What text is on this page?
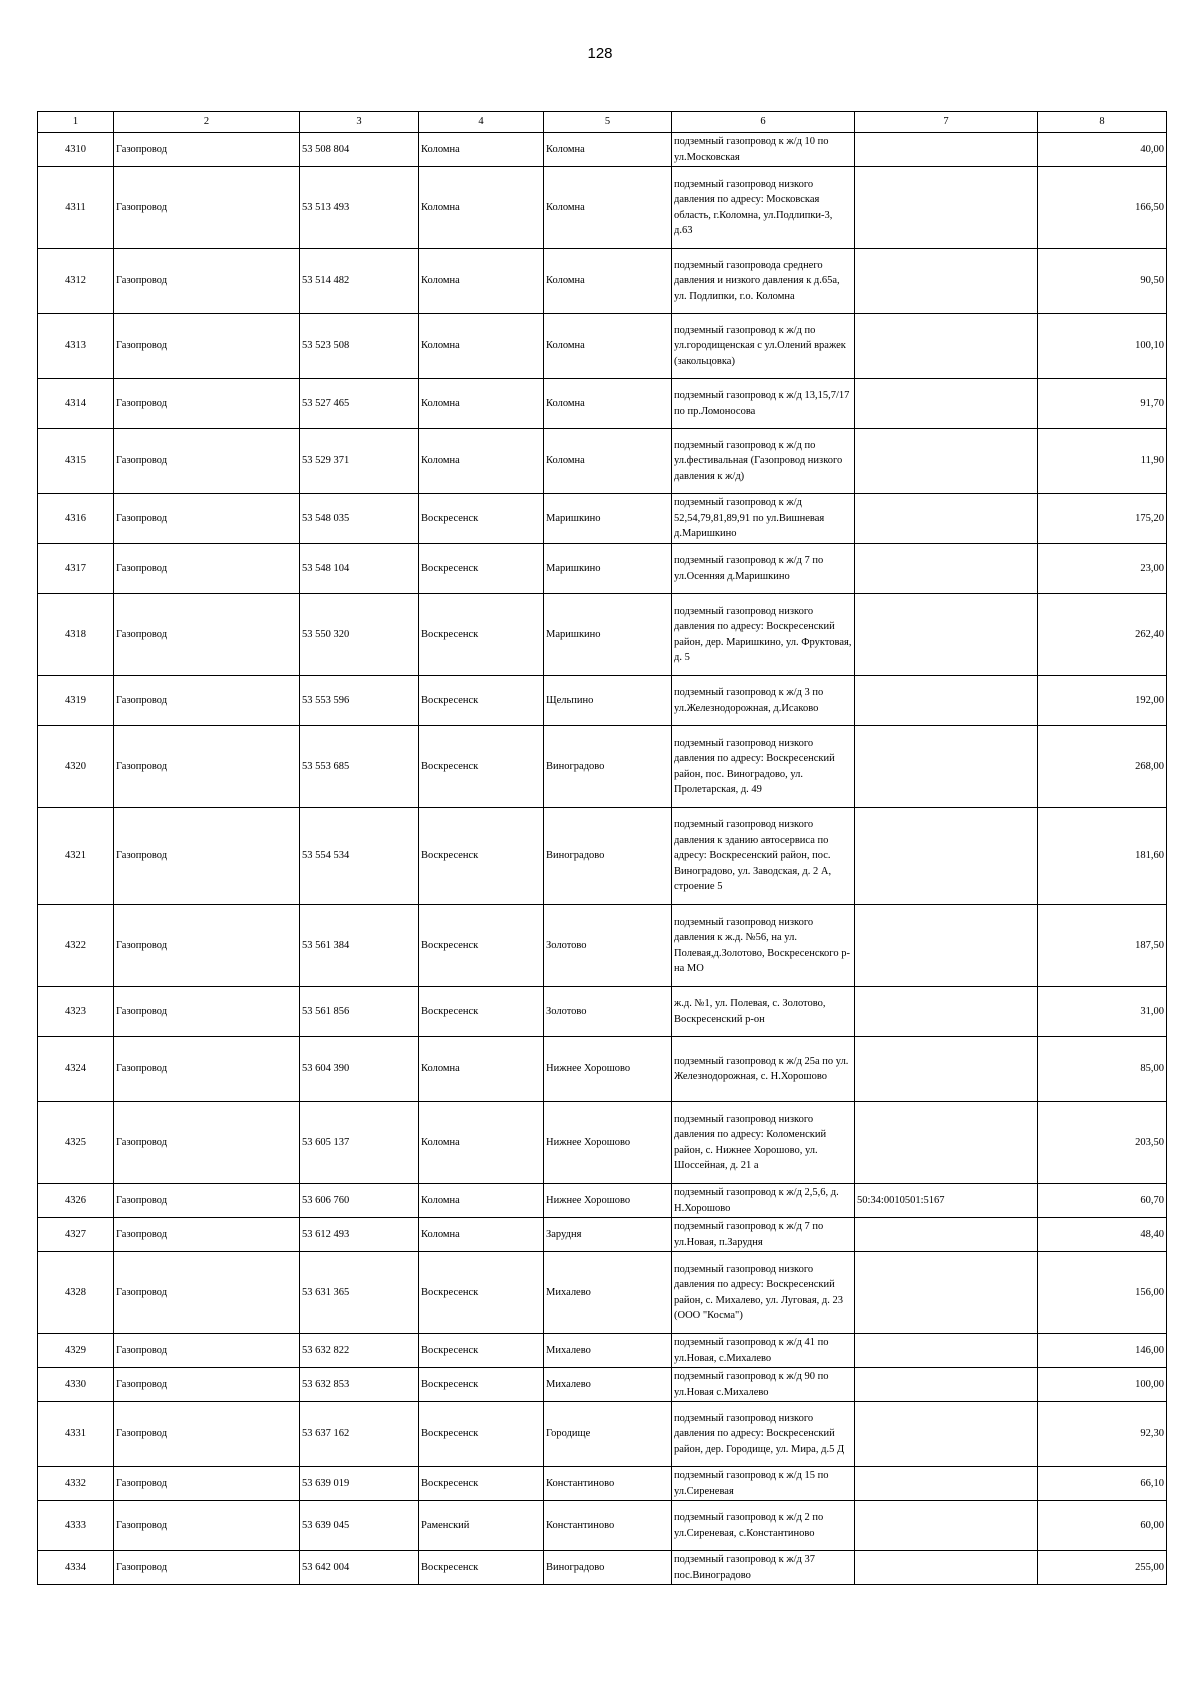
128
1	2	3	4	5	6	7	8
4310	Газопровод	53 508 804	Коломна	Коломна	подземный газопровод к ж/д 10 по ул.Московская		40,00
4311	Газопровод	53 513 493	Коломна	Коломна	подземный газопровод низкого давления по адресу: Московская область, г.Коломна, ул.Подлипки-3, д.63		166,50
4312	Газопровод	53 514 482	Коломна	Коломна	подземный газопровода среднего давления и низкого давления к д.65а, ул. Подлипки, г.о. Коломна		90,50
4313	Газопровод	53 523 508	Коломна	Коломна	подземный газопровод к ж/д по ул.городищенская с ул.Олений вражек (закольцовка)		100,10
4314	Газопровод	53 527 465	Коломна	Коломна	подземный газопровод к ж/д 13,15,7/17 по пр.Ломоносова		91,70
4315	Газопровод	53 529 371	Коломна	Коломна	подземный газопровод к ж/д по ул.фестивальная (Газопровод низкого давления к ж/д)		11,90
4316	Газопровод	53 548 035	Воскресенск	Маришкино	подземный газопровод к ж/д 52,54,79,81,89,91 по ул.Вишневая д.Маришкино		175,20
4317	Газопровод	53 548 104	Воскресенск	Маришкино	подземный газопровод к ж/д 7 по ул.Осенняя д.Маришкино		23,00
4318	Газопровод	53 550 320	Воскресенск	Маришкино	подземный газопровод низкого давления по адресу: Воскресенский район, дер. Маришкино, ул. Фруктовая, д. 5		262,40
4319	Газопровод	53 553 596	Воскресенск	Щельпино	подземный газопровод к ж/д 3 по ул.Железнодорожная, д.Исаково		192,00
4320	Газопровод	53 553 685	Воскресенск	Виноградово	подземный газопровод низкого давления по адресу: Воскресенский район, пос. Виноградово, ул. Пролетарская, д. 49		268,00
4321	Газопровод	53 554 534	Воскресенск	Виноградово	подземный газопровод низкого давления к зданию автосервиса по адресу: Воскресенский район, пос. Виноградово, ул. Заводская, д. 2 А, строение 5		181,60
4322	Газопровод	53 561 384	Воскресенск	Золотово	подземный газопровод низкого давления к ж.д. №56, на ул. Полевая,д.Золотово, Воскресенского р-на МО		187,50
4323	Газопровод	53 561 856	Воскресенск	Золотово	ж.д. №1, ул. Полевая, с. Золотово, Воскресенский р-он		31,00
4324	Газопровод	53 604 390	Коломна	Нижнее Хорошово	подземный газопровод к ж/д 25а по ул. Железнодорожная, с. Н.Хорошово		85,00
4325	Газопровод	53 605 137	Коломна	Нижнее Хорошово	подземный газопровод низкого давления по адресу: Коломенский район, с. Нижнее Хорошово, ул. Шоссейная, д. 21 а		203,50
4326	Газопровод	53 606 760	Коломна	Нижнее Хорошово	подземный газопровод к ж/д 2,5,6, д. Н.Хорошово	50:34:0010501:5167	60,70
4327	Газопровод	53 612 493	Коломна	Зарудня	подземный газопровод к ж/д 7 по ул.Новая, п.Зарудня		48,40
4328	Газопровод	53 631 365	Воскресенск	Михалево	подземный газопровод низкого давления по адресу: Воскресенский район, с. Михалево, ул. Луговая, д. 23 (ООО "Косма")		156,00
4329	Газопровод	53 632 822	Воскресенск	Михалево	подземный газопровод к ж/д 41 по ул.Новая, с.Михалево		146,00
4330	Газопровод	53 632 853	Воскресенск	Михалево	подземный газопровод к ж/д 90 по ул.Новая с.Михалево		100,00
4331	Газопровод	53 637 162	Воскресенск	Городище	подземный газопровод низкого давления по адресу: Воскресенский район, дер. Городище, ул. Мира, д.5 Д		92,30
4332	Газопровод	53 639 019	Воскресенск	Константиново	подземный газопровод к ж/д 15 по ул.Сиреневая		66,10
4333	Газопровод	53 639 045	Раменский	Константиново	подземный газопровод к ж/д 2 по ул.Сиреневая, с.Константиново		60,00
4334	Газопровод	53 642 004	Воскресенск	Виноградово	подземный газопровод к ж/д 37 пос.Виноградово		255,00
